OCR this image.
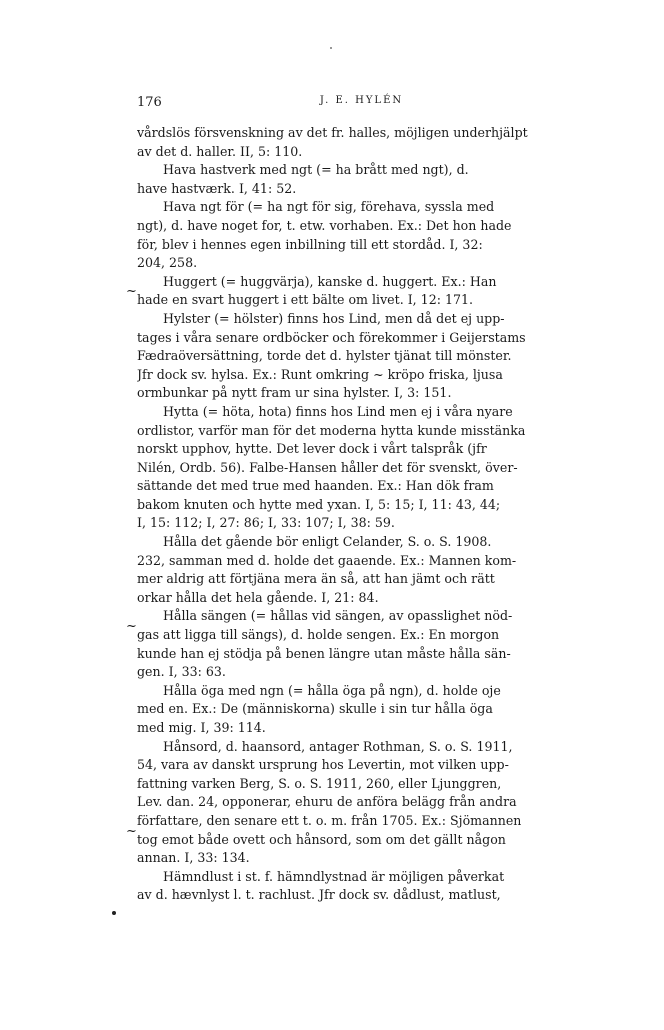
176	J. E. HYLÉN
vårdslös försvenskning av det fr. halles, möjligen underhjälpt
av det d. haller. II, 5: 110.
Hava hastverk med ngt (= ha brått med ngt), d.
have hastværk. I, 41: 52.
Hava ngt för (= ha ngt för sig, förehava, syssla med
ngt), d. have noget for, t. etw. vorhaben. Ex.: Det hon hade
för, blev i hennes egen inbillning till ett stordåd. I, 32:
204, 258.
Huggert (= huggvärja), kanske d. huggert. Ex.: Han
hade en svart huggert i ett bälte om livet. I, 12: 171.
Hylster (= hölster) finns hos Lind, men då det ej upp-
tages i våra senare ordböcker och förekommer i Geijerstams
Fædraöversättning, torde det d. hylster tjänat till mönster.
Jfr dock sv. hylsa. Ex.: Runt omkring ~ kröpo friska, ljusa
ormbunkar på nytt fram ur sina hylster. I, 3: 151.
Hytta (= höta, hota) finns hos Lind men ej i våra nyare
ordlistor, varför man för det moderna hytta kunde misstänka
norskt upphov, hytte. Det lever dock i vårt talspråk (jfr
Nilén, Ordb. 56). Falbe-Hansen håller det för svenskt, över-
sättande det med true med haanden. Ex.: Han dök fram
bakom knuten och hytte med yxan. I, 5: 15; I, 11: 43, 44;
I, 15: 112; I, 27: 86; I, 33: 107; I, 38: 59.
Hålla det gående bör enligt Celander, S. o. S. 1908.
232, samman med d. holde det gaaende. Ex.: Mannen kom-
mer aldrig att förtjäna mera än så, att han jämt och rätt
orkar hålla det hela gående. I, 21: 84.
Hålla sängen (= hållas vid sängen, av opasslighet nöd-
gas att ligga till sängs), d. holde sengen. Ex.: En morgon
kunde han ej stödja på benen längre utan måste hålla sän-
gen. I, 33: 63.
Hålla öga med ngn (= hålla öga på ngn), d. holde oje
med en. Ex.: De (människorna) skulle i sin tur hålla öga
med mig. I, 39: 114.
Hånsord, d. haansord, antager Rothman, S. o. S. 1911,
54, vara av danskt ursprung hos Levertin, mot vilken upp-
fattning varken Berg, S. o. S. 1911, 260, eller Ljunggren,
Lev. dan. 24, opponerar, ehuru de anföra belägg från andra
författare, den senare ett t. o. m. från 1705. Ex.: Sjömannen
tog emot både ovett och hånsord, som om det gällt någon
annan. I, 33: 134.
Hämndlust i st. f. hämndlystnad är möjligen påverkat
av d. hævnlyst l. t. rachlust. Jfr dock sv. dådlust, matlust,
~
~
~
